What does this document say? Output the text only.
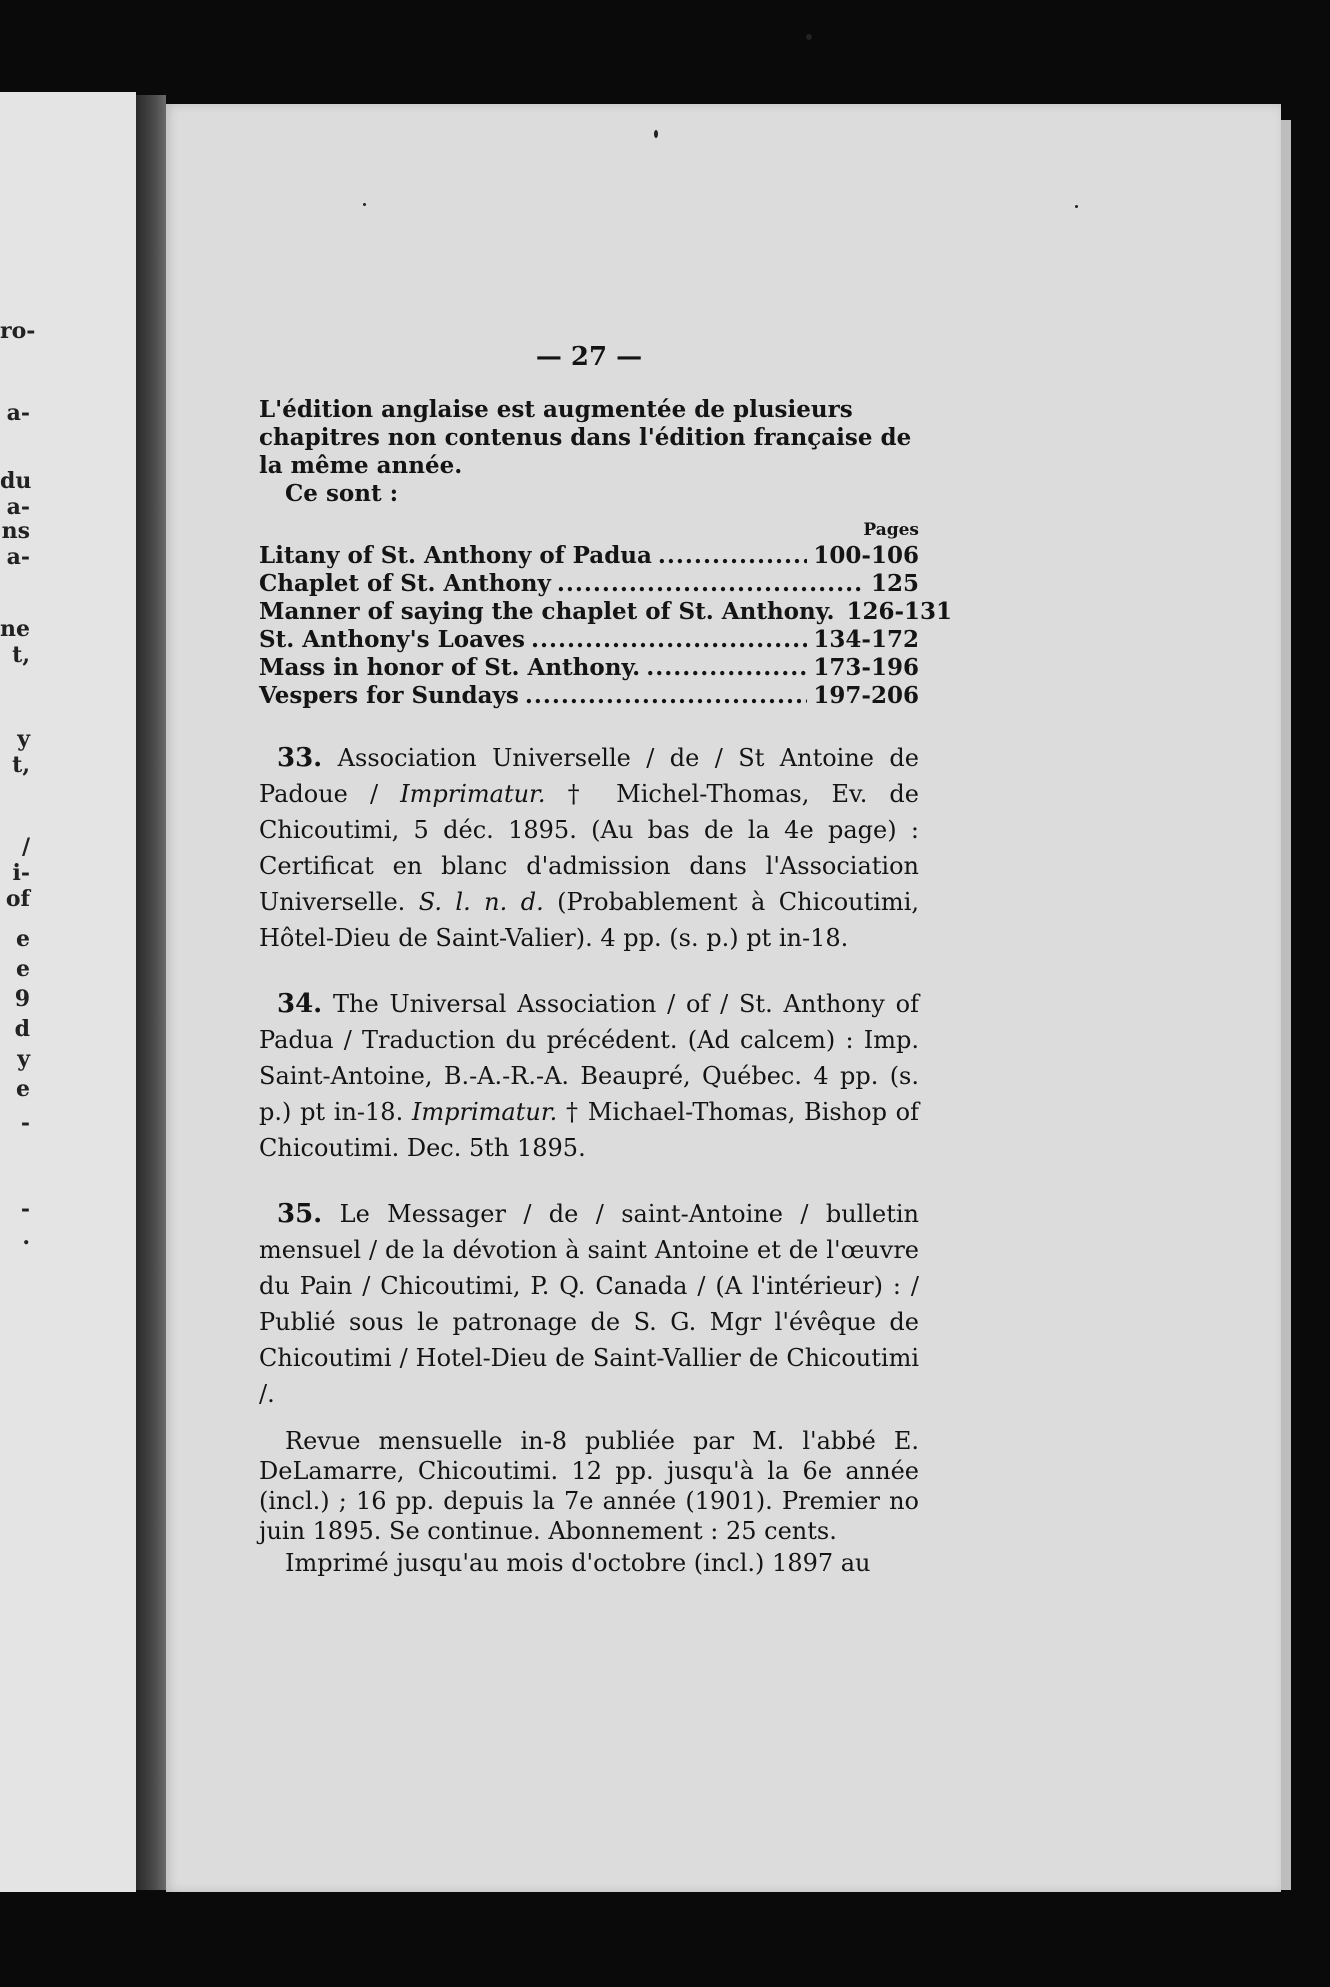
ro-
a-
du
a-
ns
a-
ne
t,
y
t,
/
i-
of
e
e
9
d
y
e
-
-
.
— 27 —

L'édition anglaise est augmentée de plusieurs chapitres non contenus dans l'édition française de la même année.

Ce sont :

Pages
Litany of St. Anthony of Padua .....	100-106
Chaplet of St. Anthony .....	125
Manner of saying the chaplet of St. Anthony. 126-131
St. Anthony's Loaves .....	134-172
Mass in honor of St. Anthony. .....	173-196
Vespers for Sundays .....	197-206

33. Association Universelle / de / St Antoine de Padoue / Imprimatur. † Michel-Thomas, Ev. de Chicoutimi, 5 déc. 1895. (Au bas de la 4e page) : Certificat en blanc d'admission dans l'Association Universelle. S. l. n. d. (Probablement à Chicoutimi, Hôtel-Dieu de Saint-Valier). 4 pp. (s. p.) pt in-18.

34. The Universal Association / of / St. Anthony of Padua / Traduction du précédent. (Ad calcem) : Imp. Saint-Antoine, B.-A.-R.-A. Beaupré, Québec. 4 pp. (s. p.) pt in-18. Imprimatur. † Michael-Thomas, Bishop of Chicoutimi. Dec. 5th 1895.

35. Le Messager / de / saint-Antoine / bulletin mensuel / de la dévotion à saint Antoine et de l'œuvre du Pain / Chicoutimi, P. Q. Canada / (A l'intérieur) : / Publié sous le patronage de S. G. Mgr l'évêque de Chicoutimi / Hotel-Dieu de Saint-Vallier de Chicoutimi /.

Revue mensuelle in-8 publiée par M. l'abbé E. DeLamarre, Chicoutimi. 12 pp. jusqu'à la 6e année (incl.) ; 16 pp. depuis la 7e année (1901). Premier no juin 1895. Se continue. Abonnement : 25 cents.

Imprimé jusqu'au mois d'octobre (incl.) 1897 au
